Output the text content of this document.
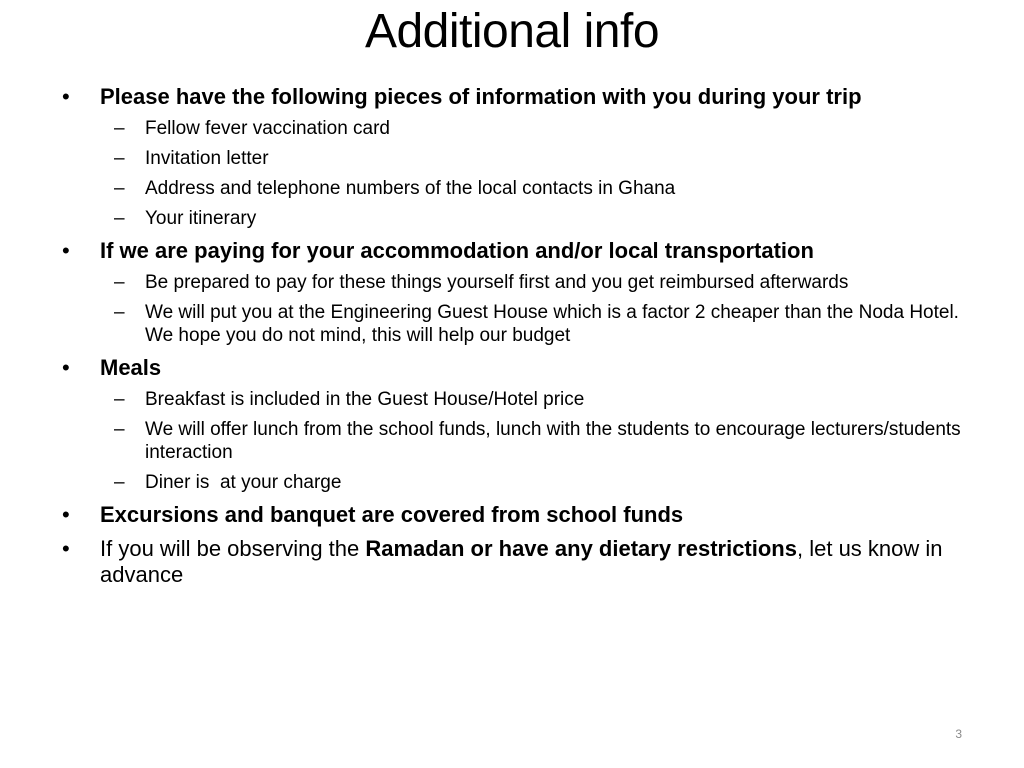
Additional info
• Please have the following pieces of information with you during your trip
– Fellow fever vaccination card
– Invitation letter
– Address and telephone numbers of the local contacts in Ghana
– Your itinerary
• If we are paying for your accommodation and/or local transportation
– Be prepared to pay for these things yourself first and you get reimbursed afterwards
– We will put you at the Engineering Guest House which is a factor 2 cheaper than the Noda Hotel. We hope you do not mind, this will help our budget
• Meals
– Breakfast is included in the Guest House/Hotel price
– We will offer lunch from the school funds, lunch with the students to encourage lecturers/students interaction
– Diner is  at your charge
• Excursions and banquet are covered from school funds
• If you will be observing the Ramadan or have any dietary restrictions, let us know in advance
3
